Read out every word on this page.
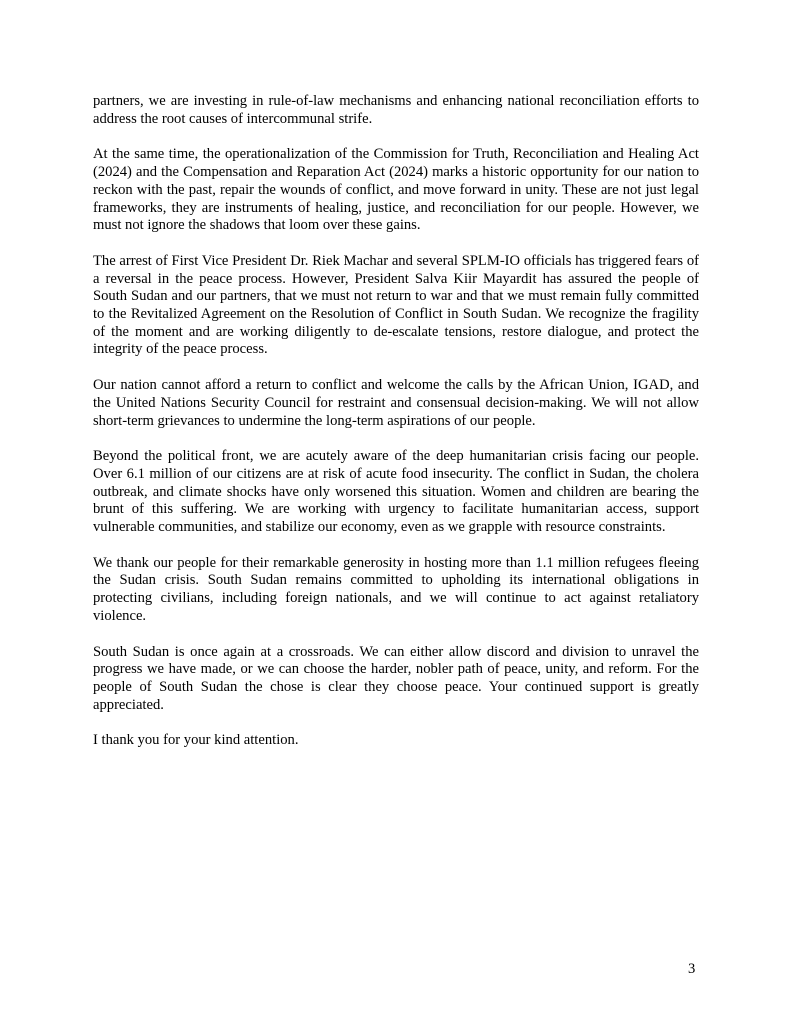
partners, we are investing in rule-of-law mechanisms and enhancing national reconciliation efforts to address the root causes of intercommunal strife.

At the same time, the operationalization of the Commission for Truth, Reconciliation and Healing Act (2024) and the Compensation and Reparation Act (2024) marks a historic opportunity for our nation to reckon with the past, repair the wounds of conflict, and move forward in unity. These are not just legal frameworks, they are instruments of healing, justice, and reconciliation for our people. However, we must not ignore the shadows that loom over these gains.

The arrest of First Vice President Dr. Riek Machar and several SPLM-IO officials has triggered fears of a reversal in the peace process. However, President Salva Kiir Mayardit has assured the people of South Sudan and our partners, that we must not return to war and that we must remain fully committed to the Revitalized Agreement on the Resolution of Conflict in South Sudan. We recognize the fragility of the moment and are working diligently to de-escalate tensions, restore dialogue, and protect the integrity of the peace process.

Our nation cannot afford a return to conflict and welcome the calls by the African Union, IGAD, and the United Nations Security Council for restraint and consensual decision-making. We will not allow short-term grievances to undermine the long-term aspirations of our people.

Beyond the political front, we are acutely aware of the deep humanitarian crisis facing our people. Over 6.1 million of our citizens are at risk of acute food insecurity. The conflict in Sudan, the cholera outbreak, and climate shocks have only worsened this situation. Women and children are bearing the brunt of this suffering. We are working with urgency to facilitate humanitarian access, support vulnerable communities, and stabilize our economy, even as we grapple with resource constraints.

We thank our people for their remarkable generosity in hosting more than 1.1 million refugees fleeing the Sudan crisis. South Sudan remains committed to upholding its international obligations in protecting civilians, including foreign nationals, and we will continue to act against retaliatory violence.

South Sudan is once again at a crossroads. We can either allow discord and division to unravel the progress we have made, or we can choose the harder, nobler path of peace, unity, and reform. For the people of South Sudan the chose is clear they choose peace. Your continued support is greatly appreciated.

I thank you for your kind attention.

3
